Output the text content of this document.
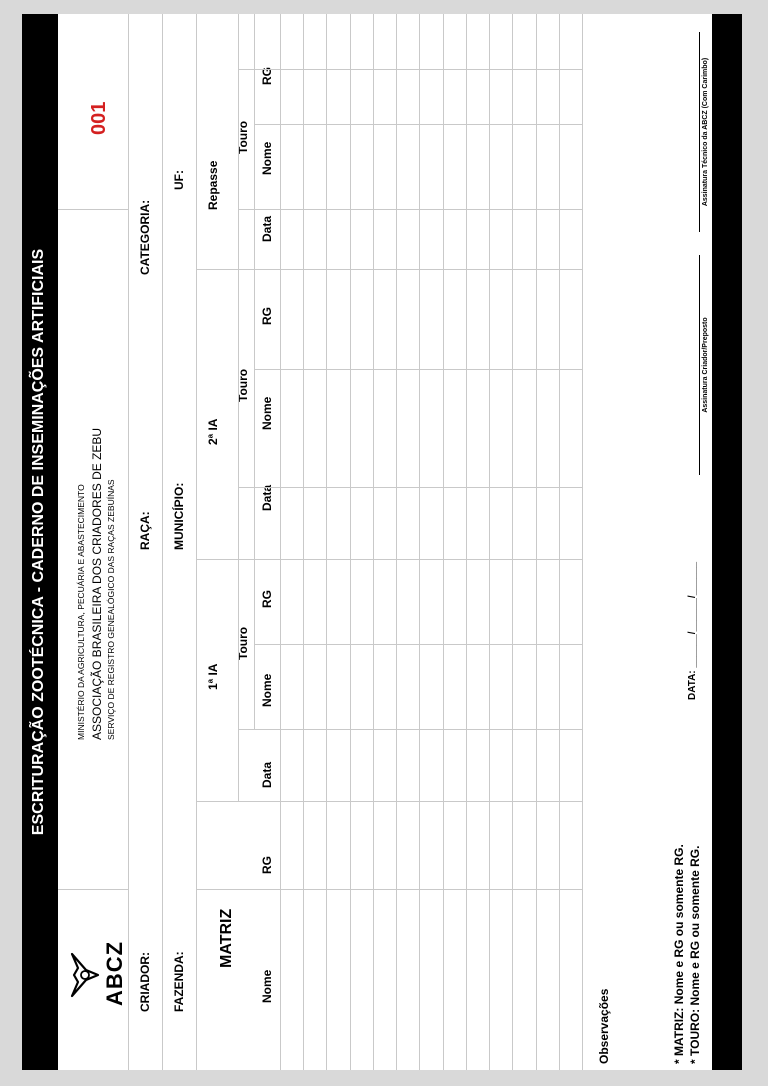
ESCRITURAÇÃO ZOOTÉCNICA - CADERNO DE INSEMINAÇÕES ARTIFICIAIS
ABCZ
MINISTÉRIO DA AGRICULTURA, PECUÁRIA E ABASTECIMENTO ASSOCIAÇÃO BRASILEIRA DOS CRIADORES DE ZEBU SERVIÇO DE REGISTRO GENEALÓGICO DAS RAÇAS ZEBUÍNAS
001
CRIADOR:
RAÇA:
CATEGORIA:
FAZENDA:
MUNICÍPIO:
UF:
MATRIZ
1ª IA
2ª IA
Repasse
Touro
Touro
Touro
Nome
RG
Data
Nome
RG
Data
Nome
RG
Data
Nome
RG
Observações	* MATRIZ: Nome e RG ou somente RG. * TOURO: Nome e RG ou somente RG.
DATA: ______/______/______
Assinatura Criador/Preposto
Assinatura Técnico da ABCZ (Com Carimbo)
